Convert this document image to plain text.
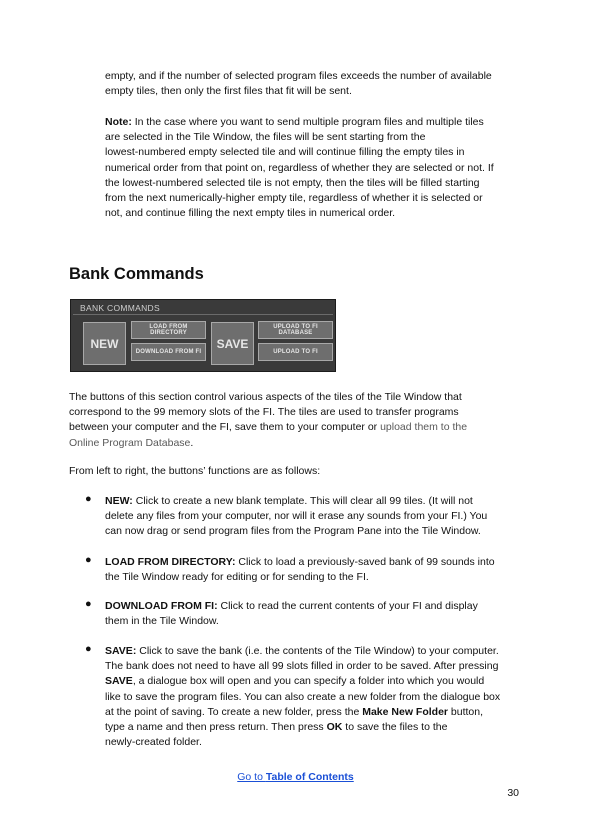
empty, and if the number of selected program files exceeds the number of available
empty tiles, then only the first files that fit will be sent.

Note: In the case where you want to send multiple program files and multiple tiles
are selected in the Tile Window, the files will be sent starting from the
lowest-numbered empty selected tile and will continue filling the empty tiles in
numerical order from that point on, regardless of whether they are selected or not. If
the lowest-numbered selected tile is not empty, then the tiles will be filled starting
from the next numerically-higher empty tile, regardless of whether it is selected or
not, and continue filling the next empty tiles in numerical order.

Bank Commands
BANK COMMANDS
NEW
LOAD FROM DIRECTORY
DOWNLOAD FROM FI
SAVE
UPLOAD TO FI DATABASE
UPLOAD TO FI

The buttons of this section control various aspects of the tiles of the Tile Window that
correspond to the 99 memory slots of the FI. The tiles are used to transfer programs
between your computer and the FI, save them to your computer or upload them to the
Online Program Database.

From left to right, the buttons’ functions are as follows:

● NEW: Click to create a new blank template. This will clear all 99 tiles. (It will not
delete any files from your computer, nor will it erase any sounds from your FI.) You
can now drag or send program files from the Program Pane into the Tile Window.

● LOAD FROM DIRECTORY: Click to load a previously-saved bank of 99 sounds into
the Tile Window ready for editing or for sending to the FI.

● DOWNLOAD FROM FI: Click to read the current contents of your FI and display
them in the Tile Window.

● SAVE: Click to save the bank (i.e. the contents of the Tile Window) to your computer.
The bank does not need to have all 99 slots filled in order to be saved. After pressing
SAVE, a dialogue box will open and you can specify a folder into which you would
like to save the program files. You can also create a new folder from the dialogue box
at the point of saving. To create a new folder, press the Make New Folder button,
type a name and then press return. Then press OK to save the files to the
newly-created folder.

Go to Table of Contents
30
